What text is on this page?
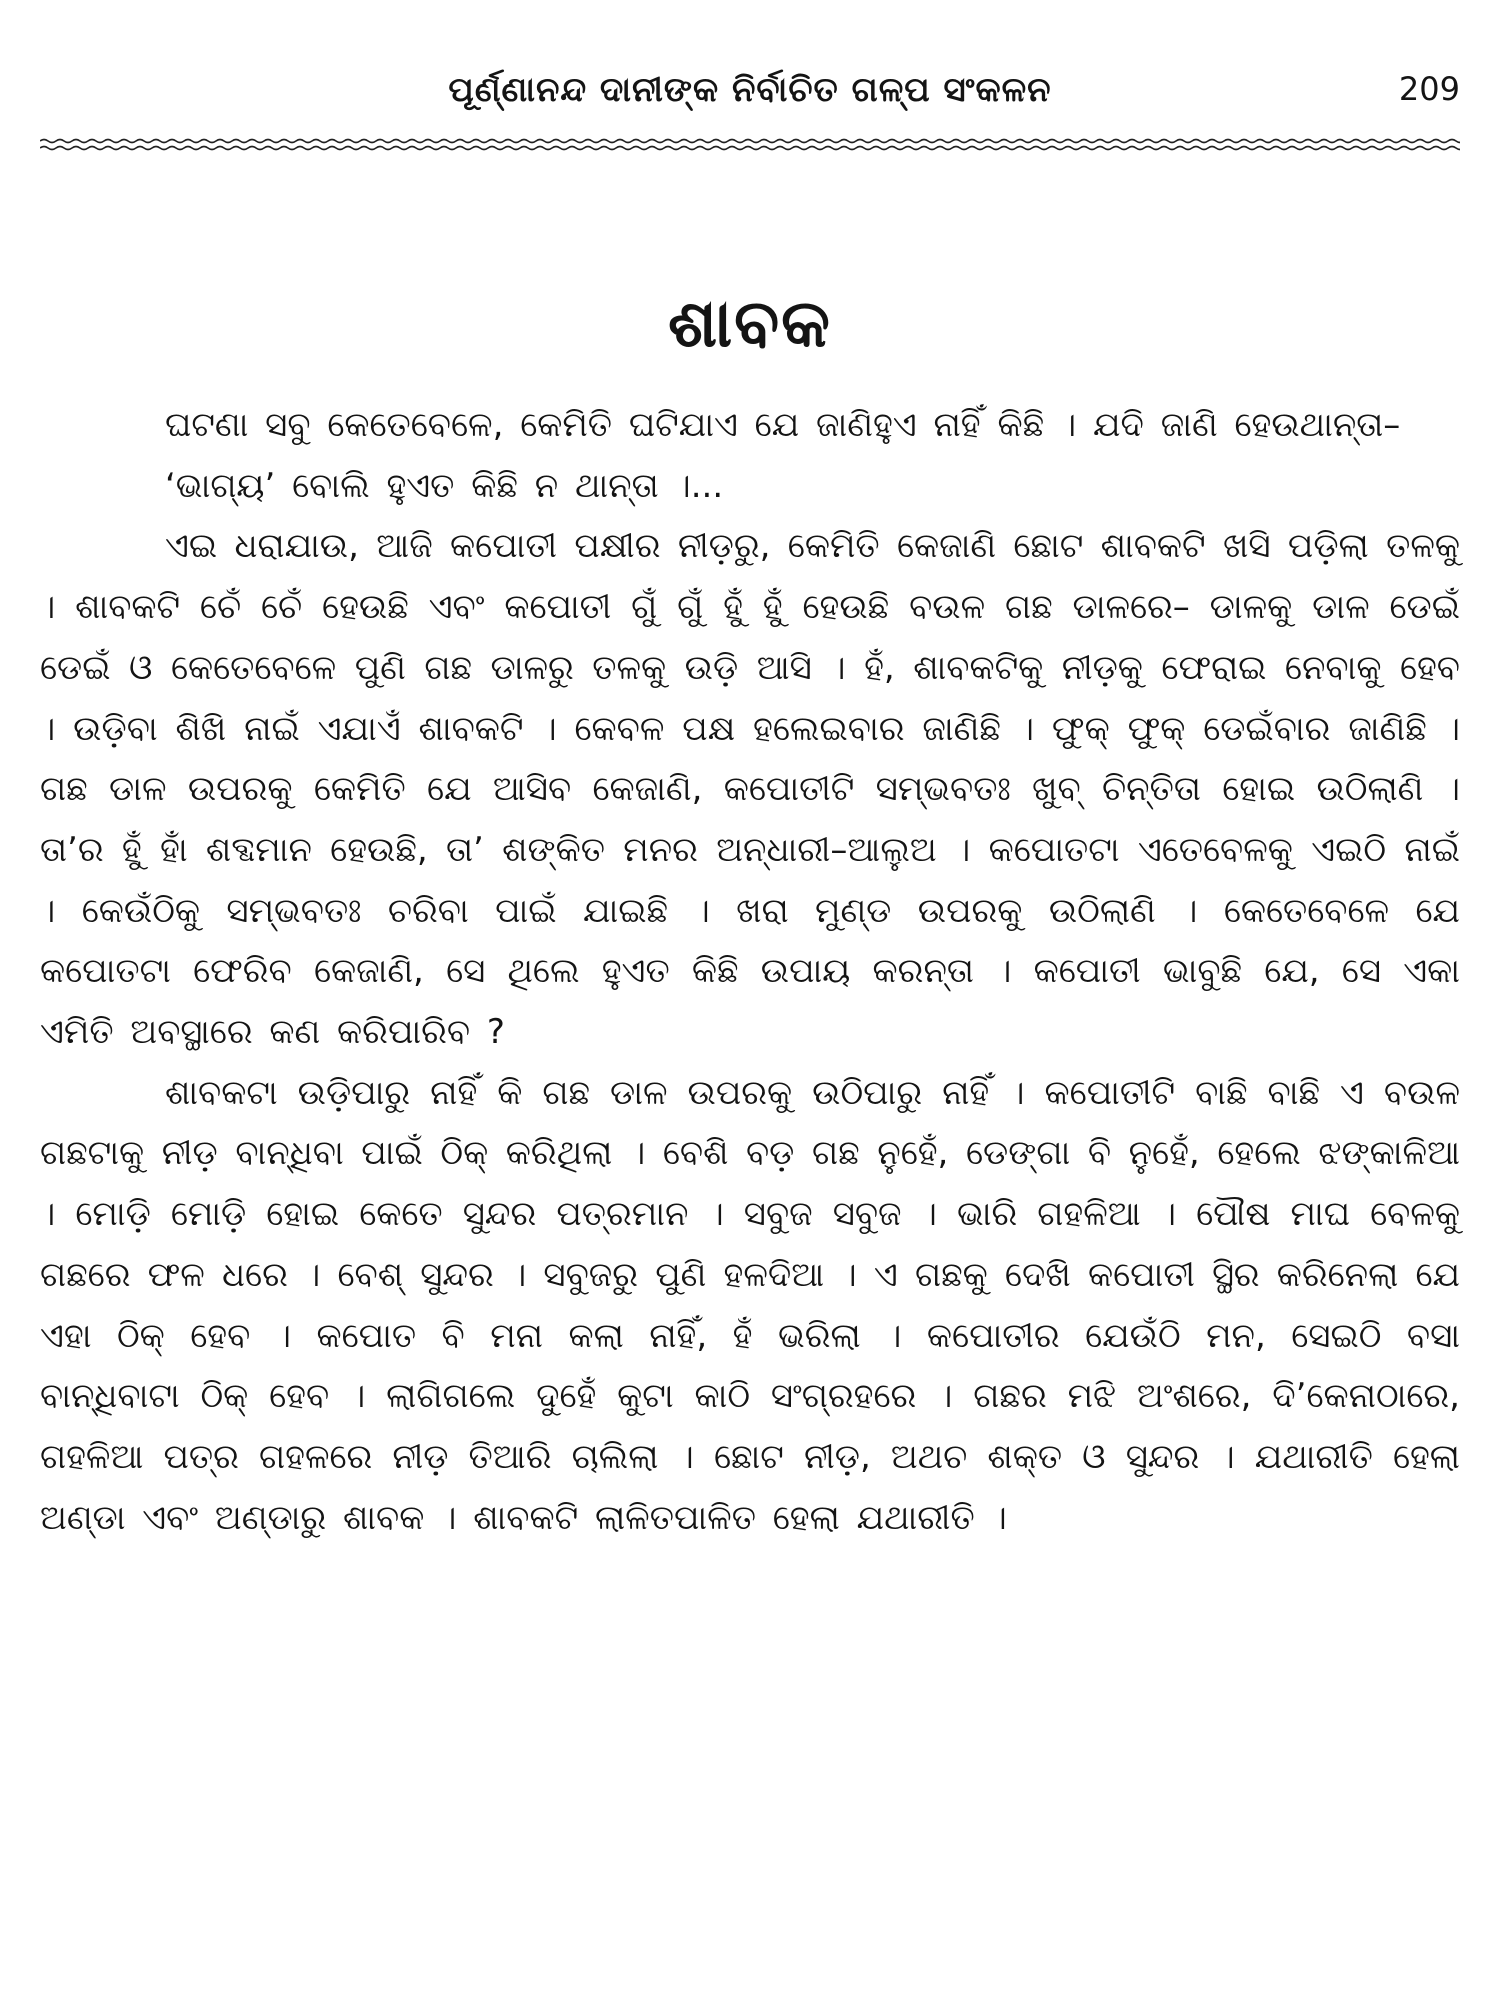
ପୂର୍ଣ୍ଣାନନ୍ଦ ଦାନୀଙ୍କ ନିର୍ବାଚିତ ଗଳ୍ପ ସଂକଳନ	209
ଶାବକ

ଘଟଣା ସବୁ କେତେବେଳେ, କେମିତି ଘଟିଯାଏ ଯେ ଜାଣିହୁଏ ନାହିଁ କିଛି । ଯଦି ଜାଣି ହେଉଥାନ୍ତା–

‘ଭାଗ୍ୟ’ ବୋଲି ହୁଏତ କିଛି ନ ଥାନ୍ତା ।...

ଏଇ ଧରାଯାଉ, ଆଜି କପୋତୀ ପକ୍ଷୀର ନୀଡ଼ରୁ, କେମିତି କେଜାଣି ଛୋଟ ଶାବକଟି ଖସି ପଡ଼ିଲା ତଳକୁ । ଶାବକଟି ଚେଁ ଚେଁ ହେଉଛି ଏବଂ କପୋତୀ ଗୁଁ ଗୁଁ ହୁଁ ହୁଁ ହେଉଛି ବଉଳ ଗଛ ଡାଳରେ– ଡାଳକୁ ଡାଳ ଡେଇଁ ଡେଇଁ ଓ କେତେବେଳେ ପୁଣି ଗଛ ଡାଳରୁ ତଳକୁ ଉଡ଼ି ଆସି । ହଁ, ଶାବକଟିକୁ ନୀଡ଼କୁ ଫେରାଇ ନେବାକୁ ହେବ । ଉଡ଼ିବା ଶିଖି ନାଇଁ ଏଯାଏଁ ଶାବକଟି । କେବଳ ପକ୍ଷ ହଲେଇବାର ଜାଣିଛି । ଫୁକ୍ ଫୁକ୍ ଡେଇଁବାର ଜାଣିଛି । ଗଛ ଡାଳ ଉପରକୁ କେମିତି ଯେ ଆସିବ କେଜାଣି, କପୋତୀଟି ସମ୍ଭବତଃ ଖୁବ୍ ଚିନ୍ତିତା ହୋଇ ଉଠିଲାଣି । ତା’ର ହୁଁ ହାଁ ଶବ୍ଦମାନ ହେଉଛି, ତା’ ଶଙ୍କିତ ମନର ଅନ୍ଧାରୀ–ଆଲୁଅ । କପୋତଟା ଏତେବେଳକୁ ଏଇଠି ନାଇଁ । କେଉଁଠିକୁ ସମ୍ଭବତଃ ଚରିବା ପାଇଁ ଯାଇଛି । ଖରା ମୁଣ୍ଡ ଉପରକୁ ଉଠିଲାଣି । କେତେବେଳେ ଯେ କପୋତଟା ଫେରିବ କେଜାଣି, ସେ ଥିଲେ ହୁଏତ କିଛି ଉପାୟ କରନ୍ତା । କପୋତୀ ଭାବୁଛି ଯେ, ସେ ଏକା ଏମିତି ଅବସ୍ଥାରେ କଣ କରିପାରିବ ?

ଶାବକଟା ଉଡ଼ିପାରୁ ନାହିଁ କି ଗଛ ଡାଳ ଉପରକୁ ଉଠିପାରୁ ନାହିଁ । କପୋତୀଟି ବାଛି ବାଛି ଏ ବଉଳ ଗଛଟାକୁ ନୀଡ଼ ବାନ୍ଧିବା ପାଇଁ ଠିକ୍ କରିଥିଲା । ବେଶି ବଡ଼ ଗଛ ନୁହେଁ, ଡେଙ୍ଗା ବି ନୁହେଁ, ହେଲେ ଝଙ୍କାଳିଆ । ମୋଡ଼ି ମୋଡ଼ି ହୋଇ କେତେ ସୁନ୍ଦର ପତ୍ରମାନ । ସବୁଜ ସବୁଜ । ଭାରି ଗହଳିଆ । ପୌଷ ମାଘ ବେଳକୁ ଗଛରେ ଫଳ ଧରେ । ବେଶ୍ ସୁନ୍ଦର । ସବୁଜରୁ ପୁଣି ହଳଦିଆ । ଏ ଗଛକୁ ଦେଖି କପୋତୀ ସ୍ଥିର କରିନେଲା ଯେ ଏହା ଠିକ୍ ହେବ । କପୋତ ବି ମନା କଲା ନାହିଁ, ହଁ ଭରିଲା । କପୋତୀର ଯେଉଁଠି ମନ, ସେଇଠି ବସା ବାନ୍ଧିବାଟା ଠିକ୍ ହେବ । ଲାଗିଗଲେ ଦୁହେଁ କୁଟା କାଠି ସଂଗ୍ରହରେ । ଗଛର ମଝି ଅଂଶରେ, ଦି’କେନାଠାରେ, ଗହଳିଆ ପତ୍ର ଗହଳରେ ନୀଡ଼ ତିଆରି ଚାଲିଲା । ଛୋଟ ନୀଡ଼, ଅଥଚ ଶକ୍ତ ଓ ସୁନ୍ଦର । ଯଥାରୀତି ହେଲା ଅଣ୍ଡା ଏବଂ ଅଣ୍ଡାରୁ ଶାବକ । ଶାବକଟି ଲାଳିତପାଳିତ ହେଲା ଯଥାରୀତି ।
